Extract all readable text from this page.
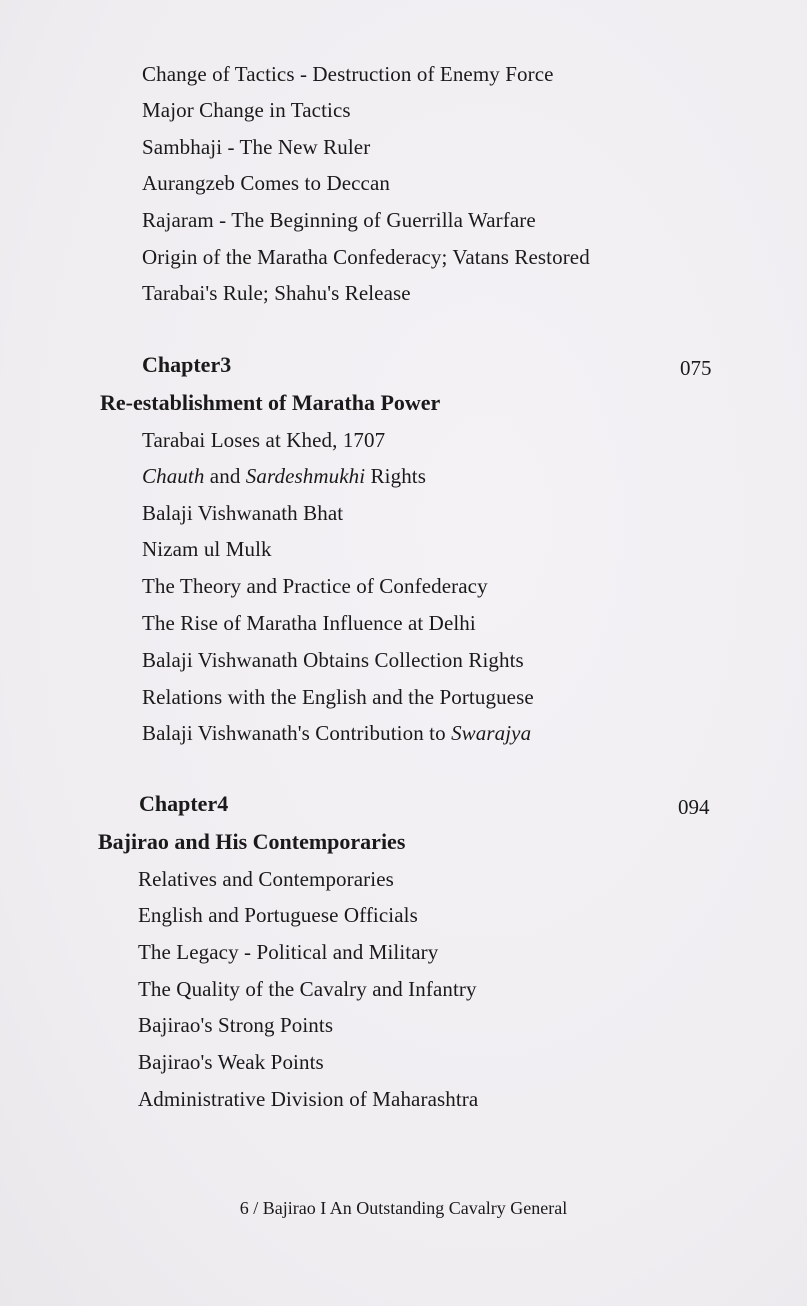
Change of Tactics - Destruction of Enemy Force
Major Change in Tactics
Sambhaji - The New Ruler
Aurangzeb Comes to Deccan
Rajaram - The Beginning of Guerrilla Warfare
Origin of the Maratha Confederacy; Vatans Restored
Tarabai's Rule; Shahu's Release
Chapter3	075
Re-establishment of Maratha Power
Tarabai Loses at Khed, 1707
Chauth and Sardeshmukhi Rights
Balaji Vishwanath Bhat
Nizam ul Mulk
The Theory and Practice of Confederacy
The Rise of Maratha Influence at Delhi
Balaji Vishwanath Obtains Collection Rights
Relations with the English and the Portuguese
Balaji Vishwanath's Contribution to Swarajya
Chapter4	094
Bajirao and His Contemporaries
Relatives and Contemporaries
English and Portuguese Officials
The Legacy - Political and Military
The Quality of the Cavalry and Infantry
Bajirao's Strong Points
Bajirao's Weak Points
Administrative Division of Maharashtra
6 / Bajirao I An Outstanding Cavalry General
